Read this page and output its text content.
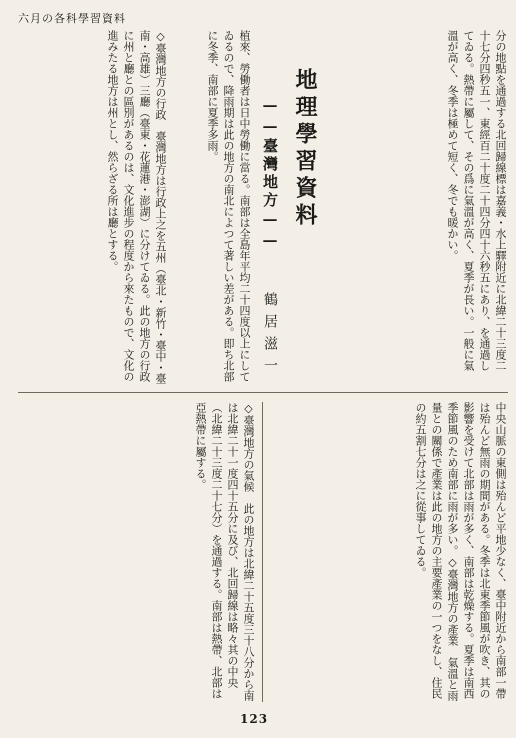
六月の各科學習資料
分の地點を通過する北回歸線標は嘉義・水上驛附近に北緯二十三度二十七分四秒五一、東經百二十度二十四分四十六秒五にあり、を通過してゐる。熱帶に屬して、その爲に氣溫が高く、夏季が長い。一般に氣溫が高く、冬季は極めて短く、冬でも暖かい。
地理學習資料
——臺灣地方——
鶴居滋一
植來、勞働者は日中勞働に當る。南部は全島年平均二十四度以上にしてゐるので、降雨期は此の地方の南北によつて著しい差がある。即ち北部に冬季、南部に夏季多雨。
◇臺灣地方の行政　臺灣地方は行政上之を五州（臺北・新竹・臺中・臺南・高雄）三廳（臺東・花蓮港・澎湖）に分けてゐる。此の地方の行政に州と廳との區別があるのは、文化進步の程度から來たもので、文化の進みたる地方は州とし、然らざる所は廳とする。
中央山脈の東側は殆んど平地少なく、臺中附近から南部一帶は殆んど無雨の期間がある。冬季は北東季節風が吹き、其の影響を受けて北部は雨が多く、南部は乾燥する。夏季は南西季節風のため南部に雨が多い。◇臺灣地方の產業　氣溫と雨量との關係で產業は此の地方の主要產業の一つをなし、住民の約五割七分は之に從事してゐる。
◇臺灣地方の氣候　此の地方は北緯二十五度三十八分から南は北緯二十一度四十五分に及び、北回歸線は略々其の中央（北緯二十三度二十七分）を通過する。南部は熱帶、北部は亞熱帶に屬する。
123
